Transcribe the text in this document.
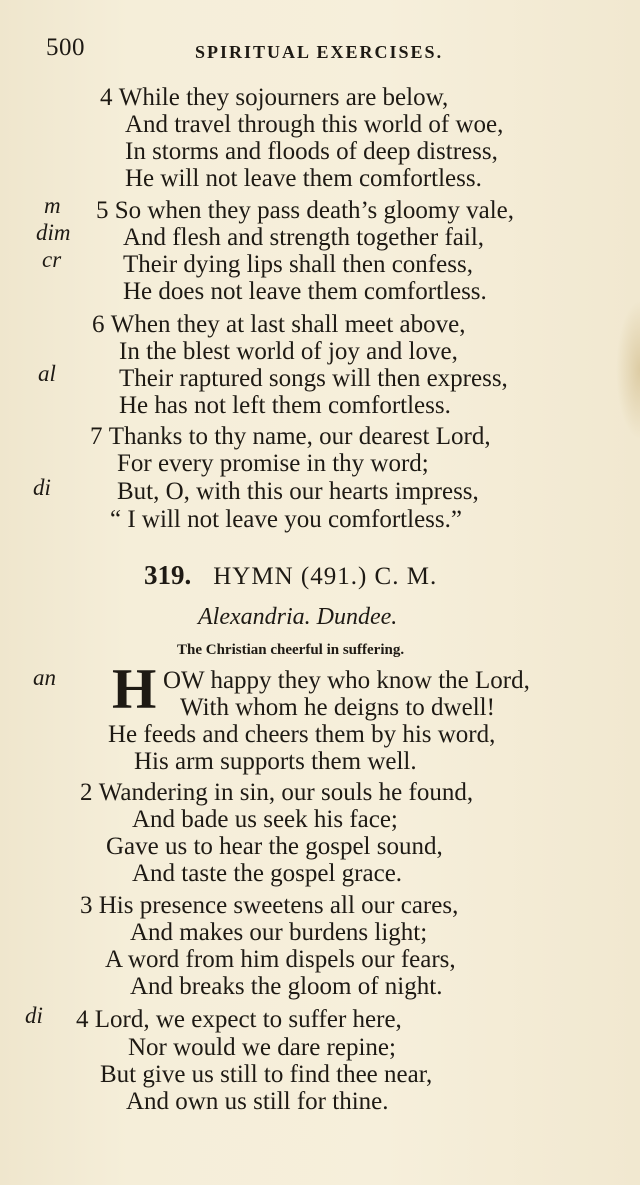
500	SPIRITUAL EXERCISES.
m
dim
cr
al
di
an
di
4 While they sojourners are below,
And travel through this world of woe,
In storms and floods of deep distress,
He will not leave them comfortless.
5 So when they pass death’s gloomy vale,
And flesh and strength together fail,
Their dying lips shall then confess,
He does not leave them comfortless.
6 When they at last shall meet above,
In the blest world of joy and love,
Their raptured songs will then express,
He has not left them comfortless.
7 Thanks to thy name, our dearest Lord,
For every promise in thy word;
But, O, with this our hearts impress,
“ I will not leave you comfortless.”
319. HYMN (491.) C. M.
Alexandria. Dundee.
The Christian cheerful in suffering.
H OW happy they who know the Lord,
With whom he deigns to dwell!
He feeds and cheers them by his word,
His arm supports them well.
2 Wandering in sin, our souls he found,
And bade us seek his face;
Gave us to hear the gospel sound,
And taste the gospel grace.
3 His presence sweetens all our cares,
And makes our burdens light;
A word from him dispels our fears,
And breaks the gloom of night.
4 Lord, we expect to suffer here,
Nor would we dare repine;
But give us still to find thee near,
And own us still for thine.
